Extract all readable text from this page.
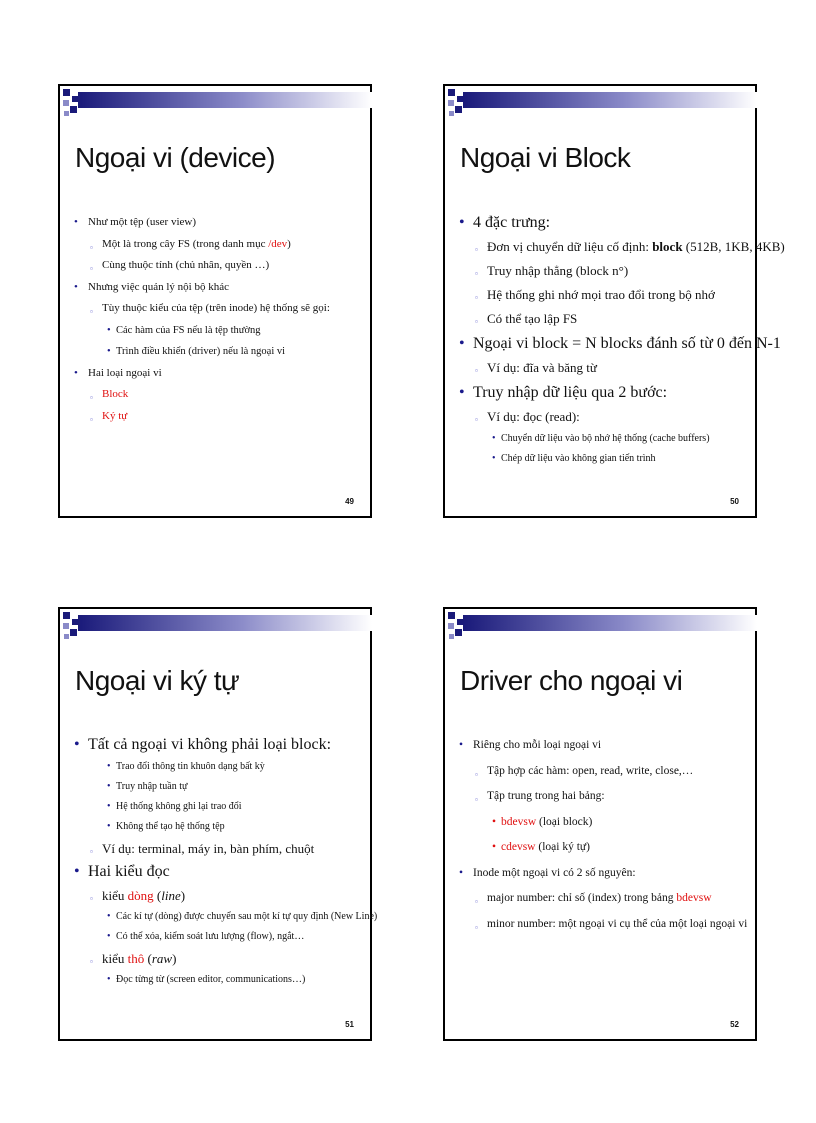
Ngoại vi (device)
• Như một tệp (user view)
▫ Một là trong cây FS (trong danh mục /dev)
▫ Cùng thuộc tính (chủ nhân, quyền …)
• Nhưng việc quản lý nội bộ khác
▫ Tùy thuộc kiểu của tệp (trên inode) hệ thống sẽ gọi:
• Các hàm của FS nếu là tệp thường
• Trình điều khiển (driver) nếu là ngoại vi
• Hai loại ngoại vi
▫ Block
▫ Ký tự
49
Ngoại vi Block
• 4 đặc trưng:
▫ Đơn vị chuyển dữ liệu cố định: block (512B, 1KB, 4KB)
▫ Truy nhập thẳng (block n°)
▫ Hệ thống ghi nhớ mọi trao đổi trong bộ nhớ
▫ Có thể tạo lập FS
• Ngoại vi block = N blocks đánh số từ 0 đến N-1
▫ Ví dụ: đĩa và băng từ
• Truy nhập dữ liệu qua 2 bước:
▫ Ví dụ: đọc (read):
• Chuyển dữ liệu vào bộ nhớ hệ thống (cache buffers)
• Chép dữ liệu vào không gian tiến trình
50
Ngoại vi ký tự
• Tất cả ngoại vi không phải loại block:
• Trao đổi thông tin khuôn dạng bất kỳ
• Truy nhập tuần tự
• Hệ thống không ghi lại trao đổi
• Không thể tạo hệ thống tệp
▫ Ví dụ: terminal, máy in, bàn phím, chuột
• Hai kiểu đọc
▫ kiểu dòng (line)
• Các kí tự (dòng) được chuyển sau một kí tự quy định (New Line)
• Có thể xóa, kiểm soát lưu lượng (flow), ngắt…
▫ kiểu thô (raw)
• Đọc từng từ (screen editor, communications…)
51
Driver cho ngoại vi
• Riêng cho mỗi loại ngoại vi
▫ Tập hợp các hàm: open, read, write, close,…
▫ Tập trung trong hai bảng:
• bdevsw (loại block)
• cdevsw (loại ký tự)
• Inode một ngoại vi có 2 số nguyên:
▫ major number: chỉ số (index) trong bảng bdevsw
▫ minor number: một ngoại vi cụ thể của một loại ngoại vi
52
